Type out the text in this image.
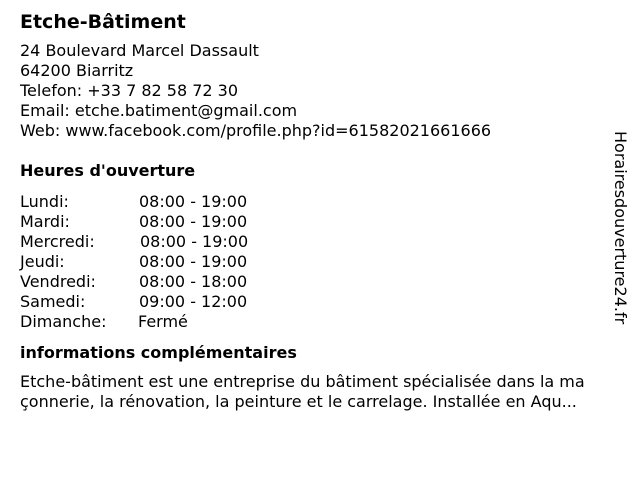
Etche-Bâtiment
24 Boulevard Marcel Dassault
64200 Biarritz
Telefon: +33 7 82 58 72 30
Email: etche.batiment@gmail.com
Web: www.facebook.com/profile.php?id=61582021661666
Heures d'ouverture
Lundi:	08:00 - 19:00
Mardi:	08:00 - 19:00
Mercredi:	08:00 - 19:00
Jeudi:	08:00 - 19:00
Vendredi:	08:00 - 18:00
Samedi:	09:00 - 12:00
Dimanche: Fermé
informations complémentaires
Etche-bâtiment est une entreprise du bâtiment spécialisée dans la ma
çonnerie, la rénovation, la peinture et le carrelage. Installée en Aqu...
Horairesdouverture24.fr
